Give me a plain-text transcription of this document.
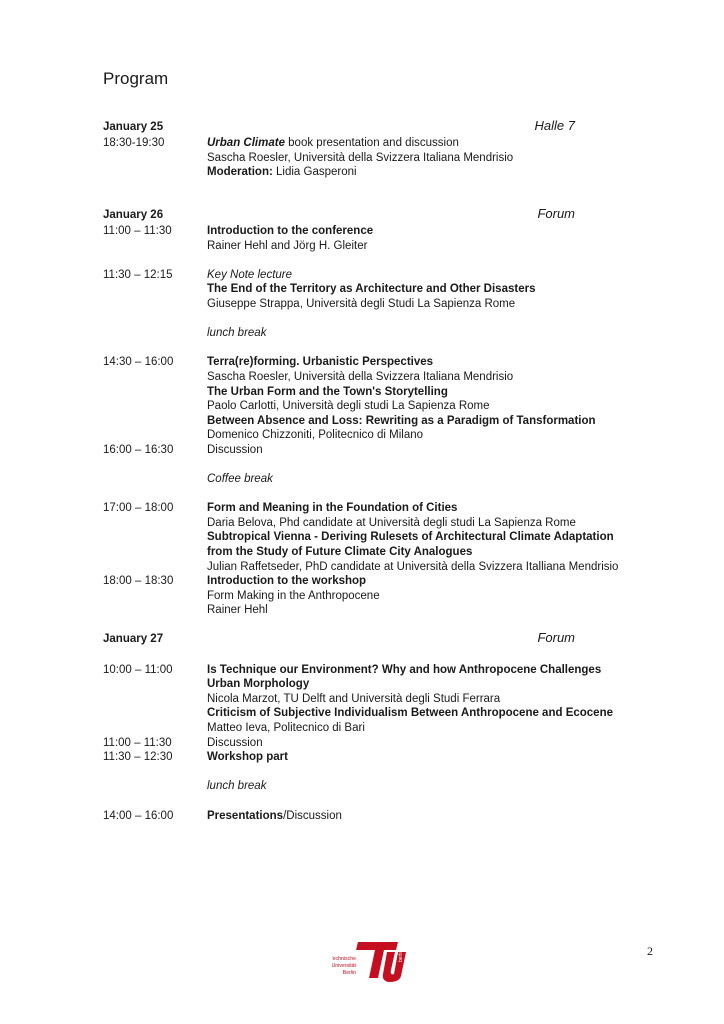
Program
January 25	Halle 7
18:30-19:30	Urban Climate book presentation and discussion
Sascha Roesler, Università della Svizzera Italiana Mendrisio
Moderation: Lidia Gasperoni
January 26	Forum
11:00 – 11:30	Introduction to the conference
Rainer Hehl and Jörg H. Gleiter
11:30 – 12:15	Key Note lecture
The End of the Territory as Architecture and Other Disasters
Giuseppe Strappa, Università degli Studi La Sapienza Rome
lunch break
14:30 – 16:00	Terra(re)forming. Urbanistic Perspectives
Sascha Roesler, Università della Svizzera Italiana Mendrisio
The Urban Form and the Town's Storytelling
Paolo Carlotti, Università degli studi La Sapienza Rome
Between Absence and Loss: Rewriting as a Paradigm of Tansformation
Domenico Chizzoniti, Politecnico di Milano
16:00 – 16:30	Discussion
Coffee break
17:00 – 18:00	Form and Meaning in the Foundation of Cities
Daria Belova, Phd candidate at Università degli studi La Sapienza Rome
Subtropical Vienna - Deriving Rulesets of Architectural Climate Adaptation
from the Study of Future Climate City Analogues
Julian Raffetseder, PhD candidate at Università della Svizzera Italliana Mendrisio
18:00 – 18:30	Introduction to the workshop
Form Making in the Anthropocene
Rainer Hehl
January 27	Forum
10:00 – 11:00	Is Technique our Environment? Why and how Anthropocene Challenges
Urban Morphology
Nicola Marzot, TU Delft and Università degli Studi Ferrara
Criticism of Subjective Individualism Between Anthropocene and Ecocene
Matteo Ieva, Politecnico di Bari
11:00 – 11:30	Discussion
11:30 – 12:30	Workshop part
lunch break
14:00 – 16:00	Presentations/Discussion
berlin
Technische
Universität
Berlin
2
